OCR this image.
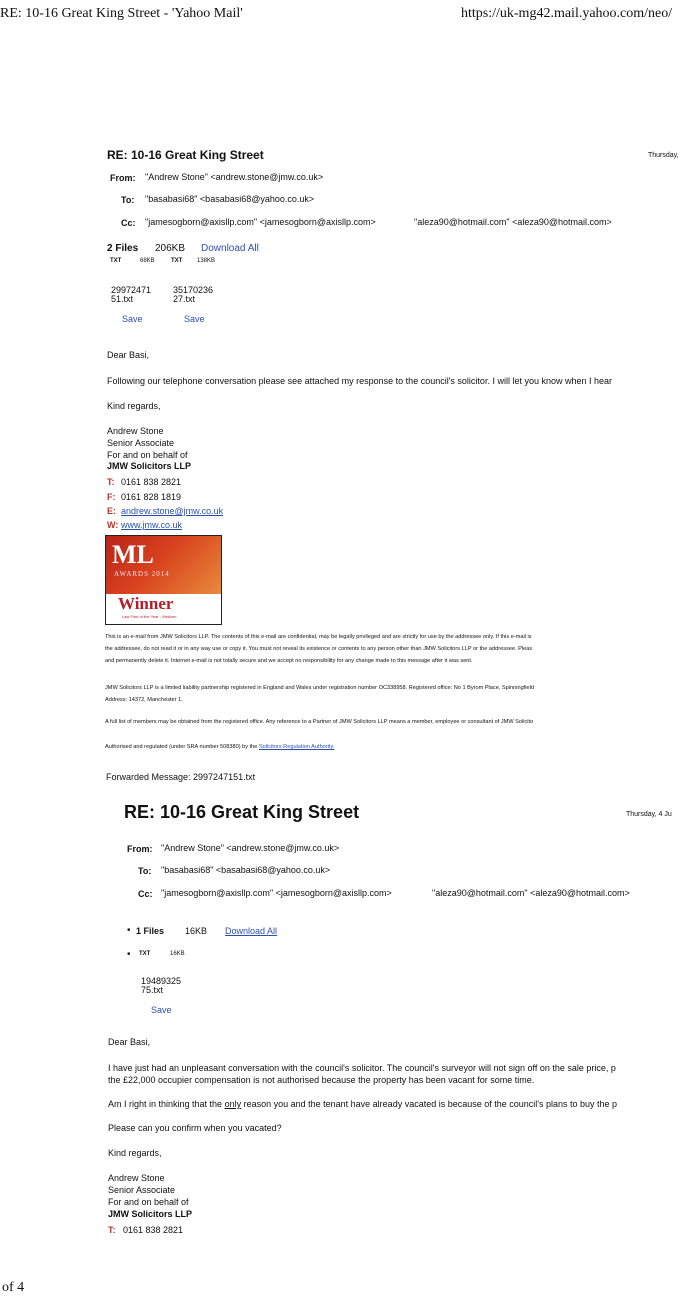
RE: 10-16 Great King Street - 'Yahoo Mail'	https://uk-mg42.mail.yahoo.com/neo/
RE: 10-16 Great King Street	Thursday,
From: "Andrew Stone" <andrew.stone@jmw.co.uk>
To: "basabasi68" <basabasi68@yahoo.co.uk>
Cc: "jamesogborn@axisllp.com" <jamesogborn@axisllp.com>	"aleza90@hotmail.com" <aleza90@hotmail.com>
2 Files 206KB Download All
TXT	68KB	TXT 138KB
29972471
51.txt
35170236
27.txt
Save	Save
Dear Basi,
Following our telephone conversation please see attached my response to the council's solicitor. I will let you know when I hear
Kind regards,
Andrew Stone
Senior Associate
For and on behalf of
JMW Solicitors LLP
T: 0161 838 2821
F: 0161 828 1819
E: andrew.stone@jmw.co.uk
W: www.jmw.co.uk
ML
AWARDS 2014
Winner
Law Firm of the Year - Medium
This is an e-mail from JMW Solicitors LLP. The contents of this e-mail are confidential, may be legally privileged and are strictly for use by the addressee only. If this e-mail is
the addressee, do not read it or in any way use or copy it. You must not reveal its existence or contents to any person other than JMW Solicitors LLP or the addressee. Pleas
and permanently delete it. Internet e-mail is not totally secure and we accept no responsibility for any change made to this message after it was sent.
JMW Solicitors LLP is a limited liability partnership registered in England and Wales under registration number OC338958. Registered office: No 1 Byrom Place, Spinningfield
Address: 14372, Manchester 1.
A full list of members may be obtained from the registered office. Any reference to a Partner of JMW Solicitors LLP means a member, employee or consultant of JMW Solicito
Authorised and regulated (under SRA number 508380) by the Solicitors Regulation Authority.
Forwarded Message: 2997247151.txt
RE: 10-16 Great King Street	Thursday, 4 Ju
From: "Andrew Stone" <andrew.stone@jmw.co.uk>
To: "basabasi68" <basabasi68@yahoo.co.uk>
Cc: "jamesogborn@axisllp.com" <jamesogborn@axisllp.com>	"aleza90@hotmail.com" <aleza90@hotmail.com>
• 1 Files 16KB Download All
• TXT	16KB
19489325
75.txt
Save
Dear Basi,
I have just had an unpleasant conversation with the council's solicitor. The council's surveyor will not sign off on the sale price, p
the £22,000 occupier compensation is not authorised because the property has been vacant for some time.
Am I right in thinking that the only reason you and the tenant have already vacated is because of the council's plans to buy the p
Please can you confirm when you vacated?
Kind regards,
Andrew Stone
Senior Associate
For and on behalf of
JMW Solicitors LLP
T: 0161 838 2821
of 4
